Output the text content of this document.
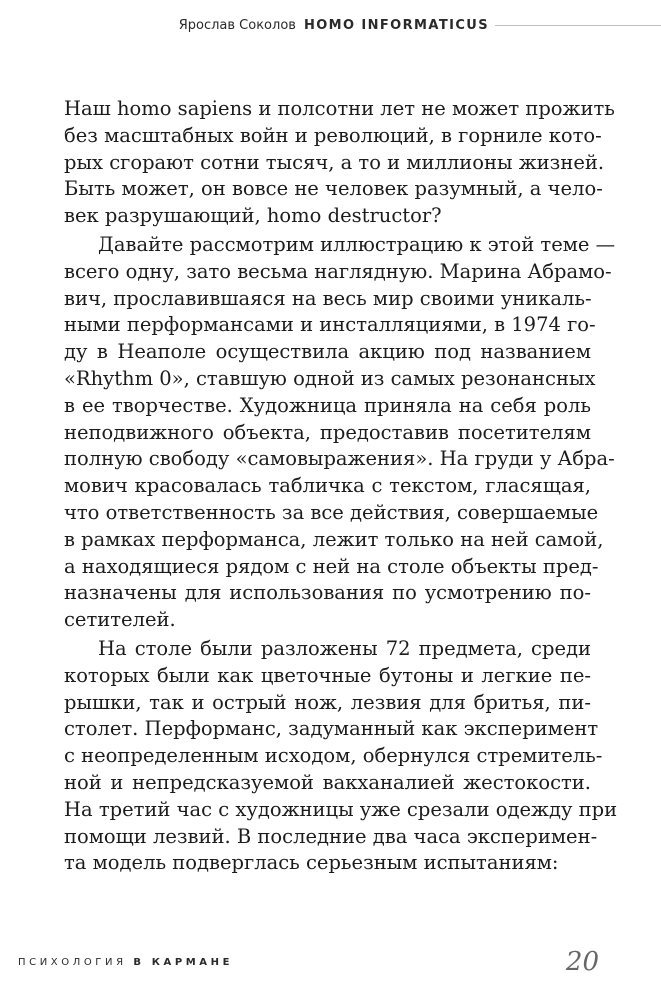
Ярослав Соколов HOMO INFORMATICUS
Наш homo sapiens и полсотни лет не может прожить
без масштабных войн и революций, в горниле кото-
рых сгорают сотни тысяч, а то и миллионы жизней.
Быть может, он вовсе не человек разумный, а чело-
век разрушающий, homo destructor?
Давайте рассмотрим иллюстрацию к этой теме —
всего одну, зато весьма наглядную. Марина Абрамо-
вич, прославившаяся на весь мир своими уникаль-
ными перформансами и инсталляциями, в 1974 го-
ду в Неаполе осуществила акцию под названием
«Rhythm 0», ставшую одной из самых резонансных
в ее творчестве. Художница приняла на себя роль
неподвижного объекта, предоставив посетителям
полную свободу «самовыражения». На груди у Абра-
мович красовалась табличка с текстом, гласящая,
что ответственность за все действия, совершаемые
в рамках перформанса, лежит только на ней самой,
а находящиеся рядом с ней на столе объекты пред-
назначены для использования по усмотрению по-
сетителей.
На столе были разложены 72 предмета, среди
которых были как цветочные бутоны и легкие пе-
рышки, так и острый нож, лезвия для бритья, пи-
столет. Перформанс, задуманный как эксперимент
с неопределенным исходом, обернулся стремитель-
ной и непредсказуемой вакханалией жестокости.
На третий час с художницы уже срезали одежду при
помощи лезвий. В последние два часа эксперимен-
та модель подверглась серьезным испытаниям:
ПСИХОЛОГИЯ В КАРМАНЕ	20
